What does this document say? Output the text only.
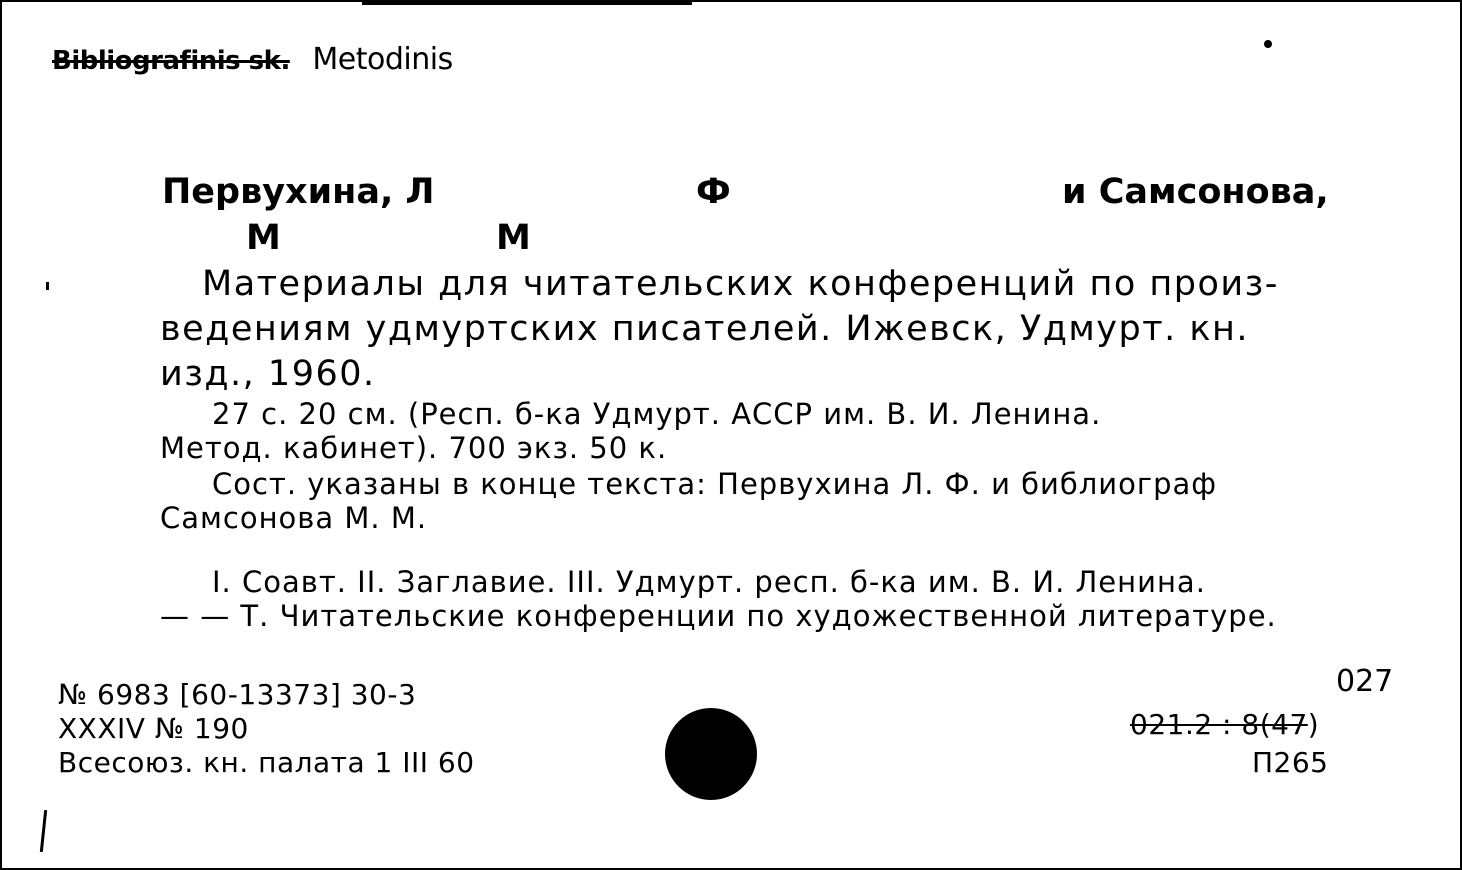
Bibliografinis sk. Metodinis
Первухина, Л	Ф	и Самсонова,
М	М
Материалы для читательских конференций по произ-
ведениям удмуртских писателей. Ижевск, Удмурт. кн.
изд., 1960.
27 с. 20 см. (Респ. б-ка Удмурт. АССР им. В. И. Ленина.
Метод. кабинет). 700 экз. 50 к.
Сост. указаны в конце текста: Первухина Л. Ф. и библиограф
Самсонова М. М.
I. Соавт. II. Заглавие. III. Удмурт. респ. б-ка им. В. И. Ленина.
— — Т. Читательские конференции по художественной литературе.
№ 6983 [60-13373] 30-3
XXXIV № 190
Всесоюз. кн. палата 1 III 60
027
021.2 : 8(47)
П265
